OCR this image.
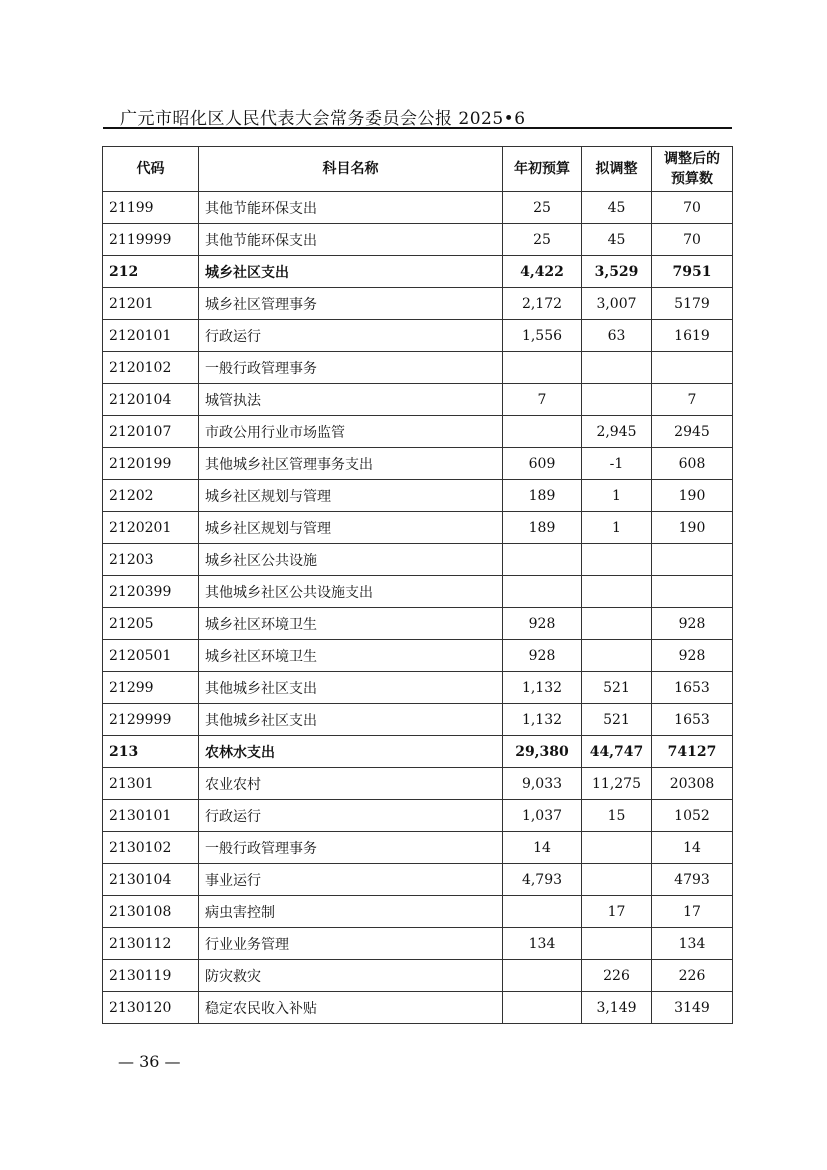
广元市昭化区人民代表大会常务委员会公报 2025•6
代码	科目名称	年初预算	拟调整	调整后的
预算数

21199	其他节能环保支出	25	45	70
2119999	其他节能环保支出	25	45	70
212	城乡社区支出	4,422	3,529	7951
21201	城乡社区管理事务	2,172	3,007	5179
2120101	行政运行	1,556	63	1619
2120102	一般行政管理事务			
2120104	城管执法	7		7
2120107	市政公用行业市场监管		2,945	2945
2120199	其他城乡社区管理事务支出	609	-1	608
21202	城乡社区规划与管理	189	1	190
2120201	城乡社区规划与管理	189	1	190
21203	城乡社区公共设施			
2120399	其他城乡社区公共设施支出			
21205	城乡社区环境卫生	928		928
2120501	城乡社区环境卫生	928		928
21299	其他城乡社区支出	1,132	521	1653
2129999	其他城乡社区支出	1,132	521	1653
213	农林水支出	29,380	44,747	74127
21301	农业农村	9,033	11,275	20308
2130101	行政运行	1,037	15	1052
2130102	一般行政管理事务	14		14
2130104	事业运行	4,793		4793
2130108	病虫害控制		17	17
2130112	行业业务管理	134		134
2130119	防灾救灾		226	226
2130120	稳定农民收入补贴		3,149	3149
— 36 —
